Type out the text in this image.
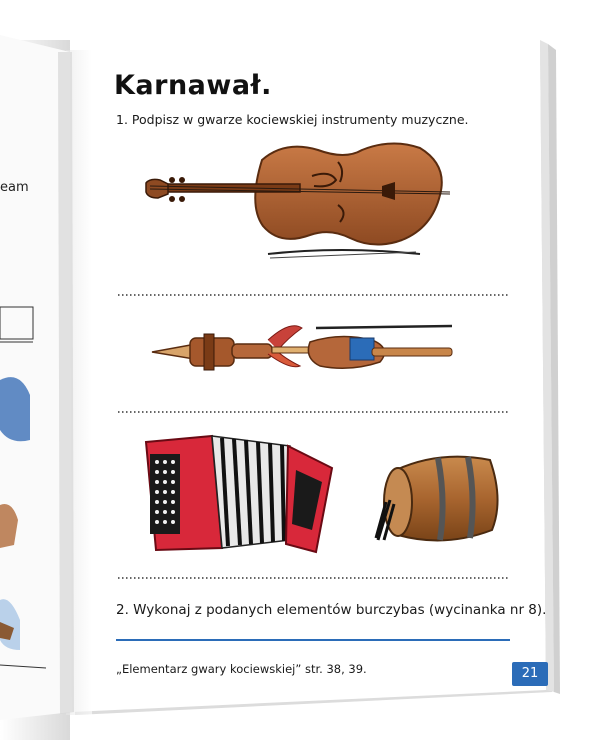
eam
Karnawał.
1. Podpisz w gwarze kociewskiej instrumenty muzyczne.
2. Wykonaj z podanych elementów burczybas (wycinanka nr 8).
„Elementarz gwary kociewskiej” str. 38, 39.	21
